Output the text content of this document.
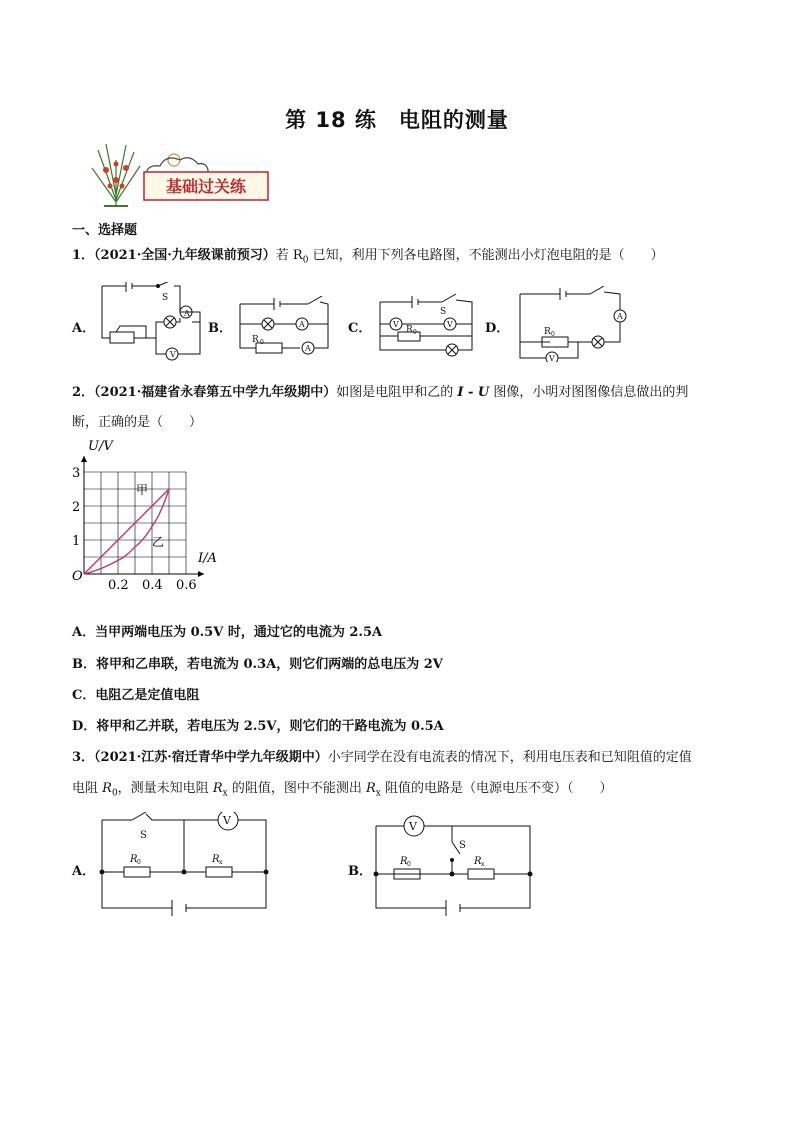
第 18 练　电阻的测量
基础过关练
一、选择题
1．（2021·全国·九年级课前预习）若 $R_0$ 已知，利用下列各电路图，不能测出小灯泡电阻的是（　　）
A．	B．	C．	D．
A
V
S
A
A
R 0
V	V
R 0
S	A
V
R 0
2．（2021·福建省永春第五中学九年级期中）如图是电阻甲和乙的 I - U 图像，小明对图图像信息做出的判
断，正确的是（　　）
0.2 0.4 0.6
1
2
3
U/V
I/A
O
甲
乙
A．当甲两端电压为 0.5V 时，通过它的电流为 2.5A
B．将甲和乙串联，若电流为 0.3A，则它们两端的总电压为 2V
C．电阻乙是定值电阻
D．将甲和乙并联，若电压为 2.5V，则它们的干路电流为 0.5A
3．（2021·江苏·宿迁青华中学九年级期中）小宇同学在没有电流表的情况下，利用电压表和已知阻值的定值
电阻 $R_0$，测量未知电阻 $R_x$ 的阻值，图中不能测出 $R_x$ 阻值的电路是（电源电压不变）（　　）
A．	B．
V
S
R 0	R x
V
S
R 0	R x
